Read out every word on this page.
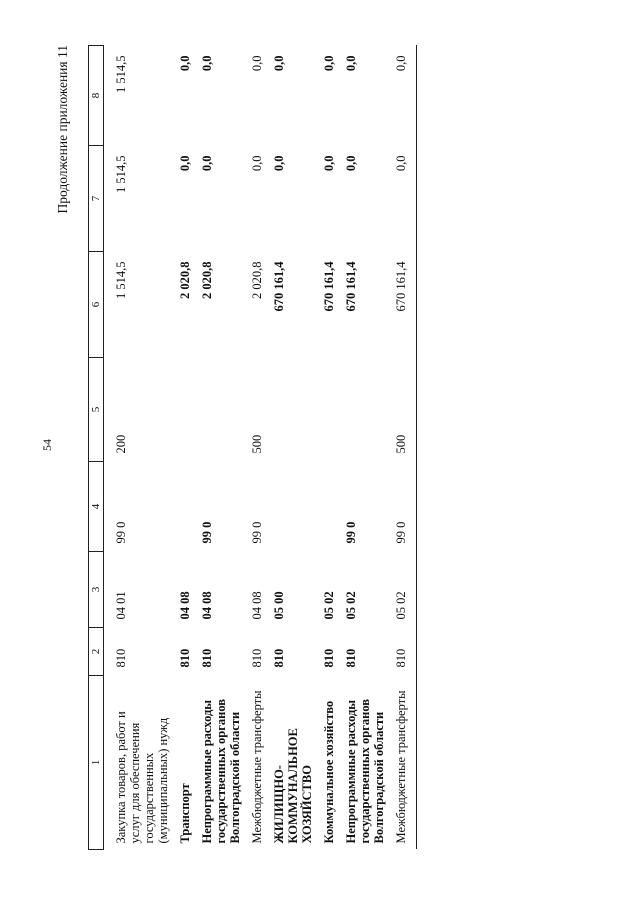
54
Продолжение приложения 11
1	2	3	4	5	6	7	8
Закупка товаров, работ и услуг для обеспечения государственных (муниципальных) нужд	810	04 01	99 0	200	1 514,5	1 514,5	1 514,5
Транспорт	810	04 08			2 020,8	0,0	0,0
Непрограммные расходы государственных органов Волгоградской области	810	04 08	99 0		2 020,8	0,0	0,0
Межбюджетные трансферты	810	04 08	99 0	500	2 020,8	0,0	0,0
ЖИЛИЩНО-КОММУНАЛЬНОЕ ХОЗЯЙСТВО	810	05 00			670 161,4	0,0	0,0
Коммунальное хозяйство	810	05 02			670 161,4	0,0	0,0
Непрограммные расходы государственных органов Волгоградской области	810	05 02	99 0		670 161,4	0,0	0,0
Межбюджетные трансферты	810	05 02	99 0	500	670 161,4	0,0	0,0
